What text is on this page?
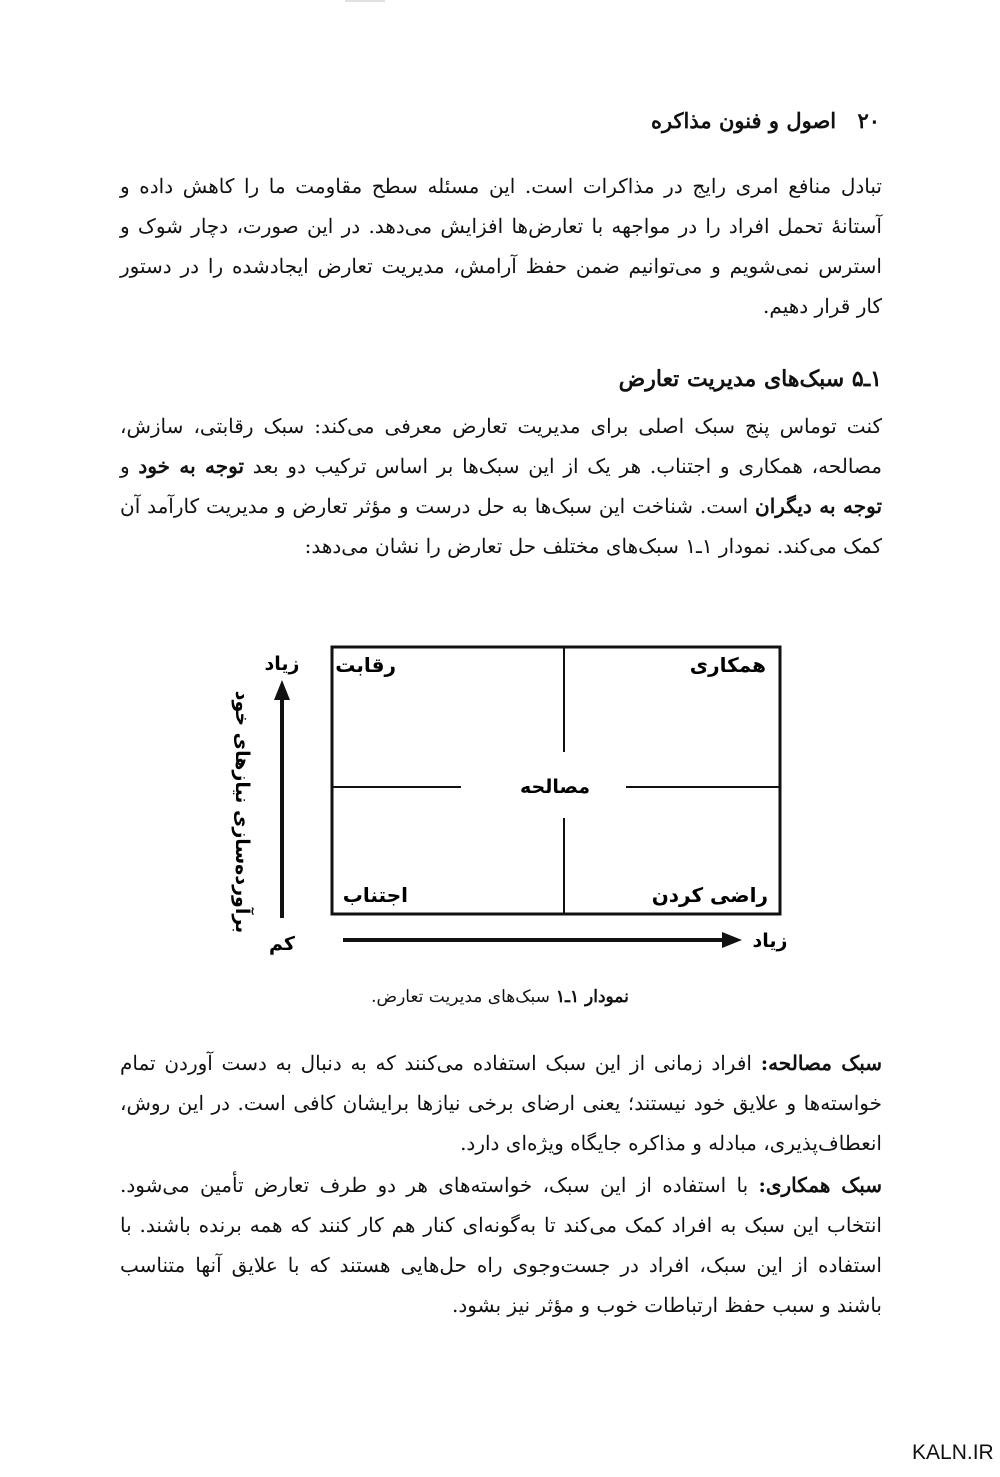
۲۰ اصول و فنون مذاکره

تبادل منافع امری رایج در مذاکرات است. این مسئله سطح مقاومت ما را کاهش داده و آستانهٔ تحمل افراد را در مواجهه با تعارض‌ها افزایش می‌دهد. در این صورت، دچار شوک و استرس نمی‌شویم و می‌توانیم ضمن حفظ آرامش، مدیریت تعارض ایجادشده را در دستور کار قرار دهیم.

۱ـ۵ سبک‌های مدیریت تعارض

کنت توماس پنج سبک اصلی برای مدیریت تعارض معرفی می‌کند: سبک رقابتی، سازش، مصالحه، همکاری و اجتناب. هر یک از این سبک‌ها بر اساس ترکیب دو بعد توجه به خود و توجه به دیگران است. شناخت این سبک‌ها به حل درست و مؤثر تعارض و مدیریت کارآمد آن کمک می‌کند. نمودار ۱ـ۱ سبک‌های مختلف حل تعارض را نشان می‌دهد:

همکاری
رقابت
مصالحه
راضی کردن
اجتناب
زیاد
کم
برآورده‌سازی نیازهای خود
زیاد
نمودار ۱ـ۱سبک‌های مدیریت تعارض.

سبک مصالحه: افراد زمانی از این سبک استفاده می‌کنند که به دنبال به دست آوردن تمام خواسته‌ها و علایق خود نیستند؛ یعنی ارضای برخی نیازها برایشان کافی است. در این روش، انعطاف‌پذیری، مبادله و مذاکره جایگاه ویژه‌ای دارد.

سبک همکاری: با استفاده از این سبک، خواسته‌های هر دو طرف تعارض تأمین می‌شود. انتخاب این سبک به افراد کمک می‌کند تا به‌گونه‌ای کنار هم کار کنند که همه برنده باشند. با استفاده از این سبک، افراد در جست‌وجوی راه حل‌هایی هستند که با علایق آنها متناسب باشند و سبب حفظ ارتباطات خوب و مؤثر نیز بشود.

KALN.IR
